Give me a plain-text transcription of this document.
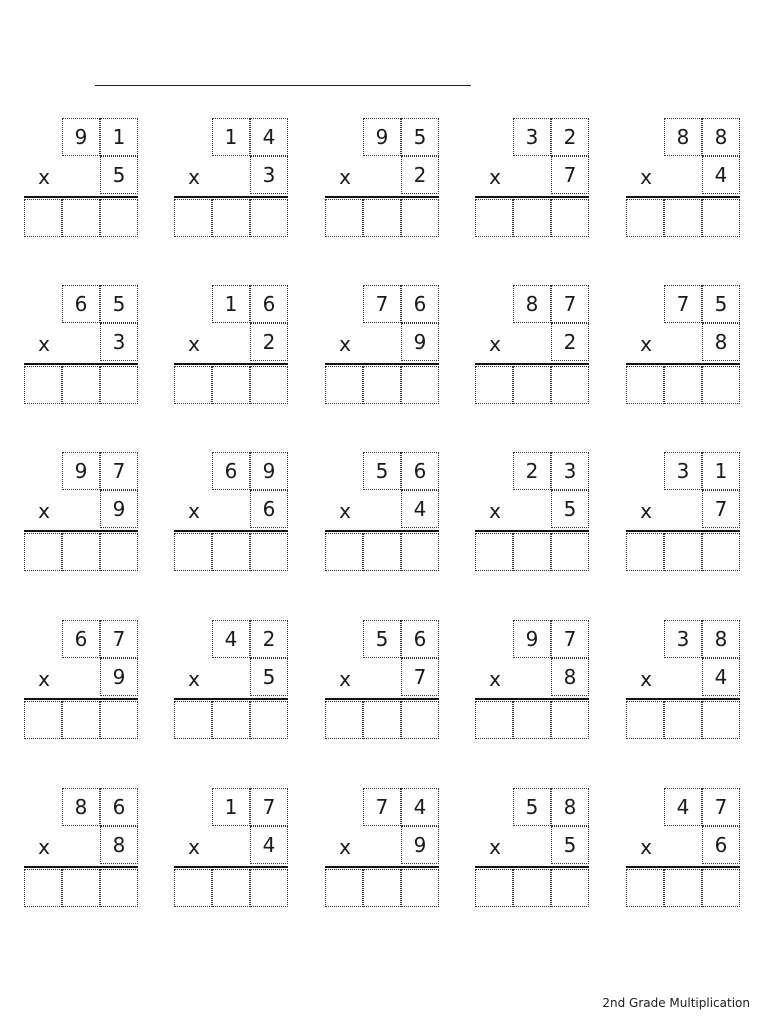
9	1
x	5
1	4
x	3
9	5
x	2
3	2
x	7
8	8
x	4
6	5
x	3
1	6
x	2
7	6
x	9
8	7
x	2
7	5
x	8
9	7
x	9
6	9
x	6
5	6
x	4
2	3
x	5
3	1
x	7
6	7
x	9
4	2
x	5
5	6
x	7
9	7
x	8
3	8
x	4
8	6
x	8
1	7
x	4
7	4
x	9
5	8
x	5
4	7
x	6
2nd Grade Multiplication
